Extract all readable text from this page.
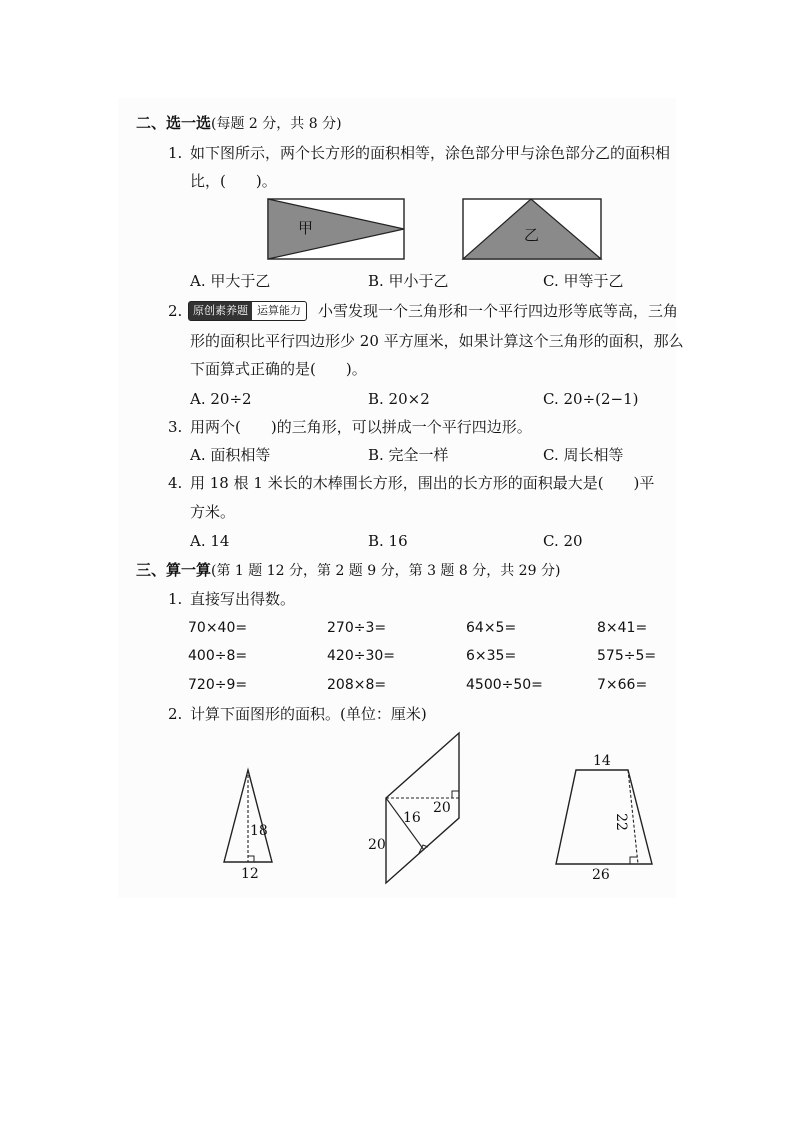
二、选一选(每题 2 分，共 8 分)
1. 如下图所示，两个长方形的面积相等，涂色部分甲与涂色部分乙的面积相
比，(　　)。
甲	乙
A. 甲大于乙	B. 甲小于乙	C. 甲等于乙
2. 原创素养题 运算能力	小雪发现一个三角形和一个平行四边形等底等高，三角
形的面积比平行四边形少 20 平方厘米，如果计算这个三角形的面积，那么
下面算式正确的是(　　)。
A. 20÷2	B. 20×2	C. 20÷(2−1)
3. 用两个(　　)的三角形，可以拼成一个平行四边形。
A. 面积相等	B. 完全一样	C. 周长相等
4. 用 18 根 1 米长的木棒围长方形，围出的长方形的面积最大是(　　)平
方米。
A. 14	B. 16	C. 20
三、算一算(第 1 题 12 分，第 2 题 9 分，第 3 题 8 分，共 29 分)
1. 直接写出得数。
70×40=	270÷3=	64×5=	8×41=
400÷8=	420÷30=	6×35=	575÷5=
720÷9=	208×8=	4500÷50=	7×66=
2. 计算下面图形的面积。(单位：厘米)
18
12
20
16
20
14
22
26
